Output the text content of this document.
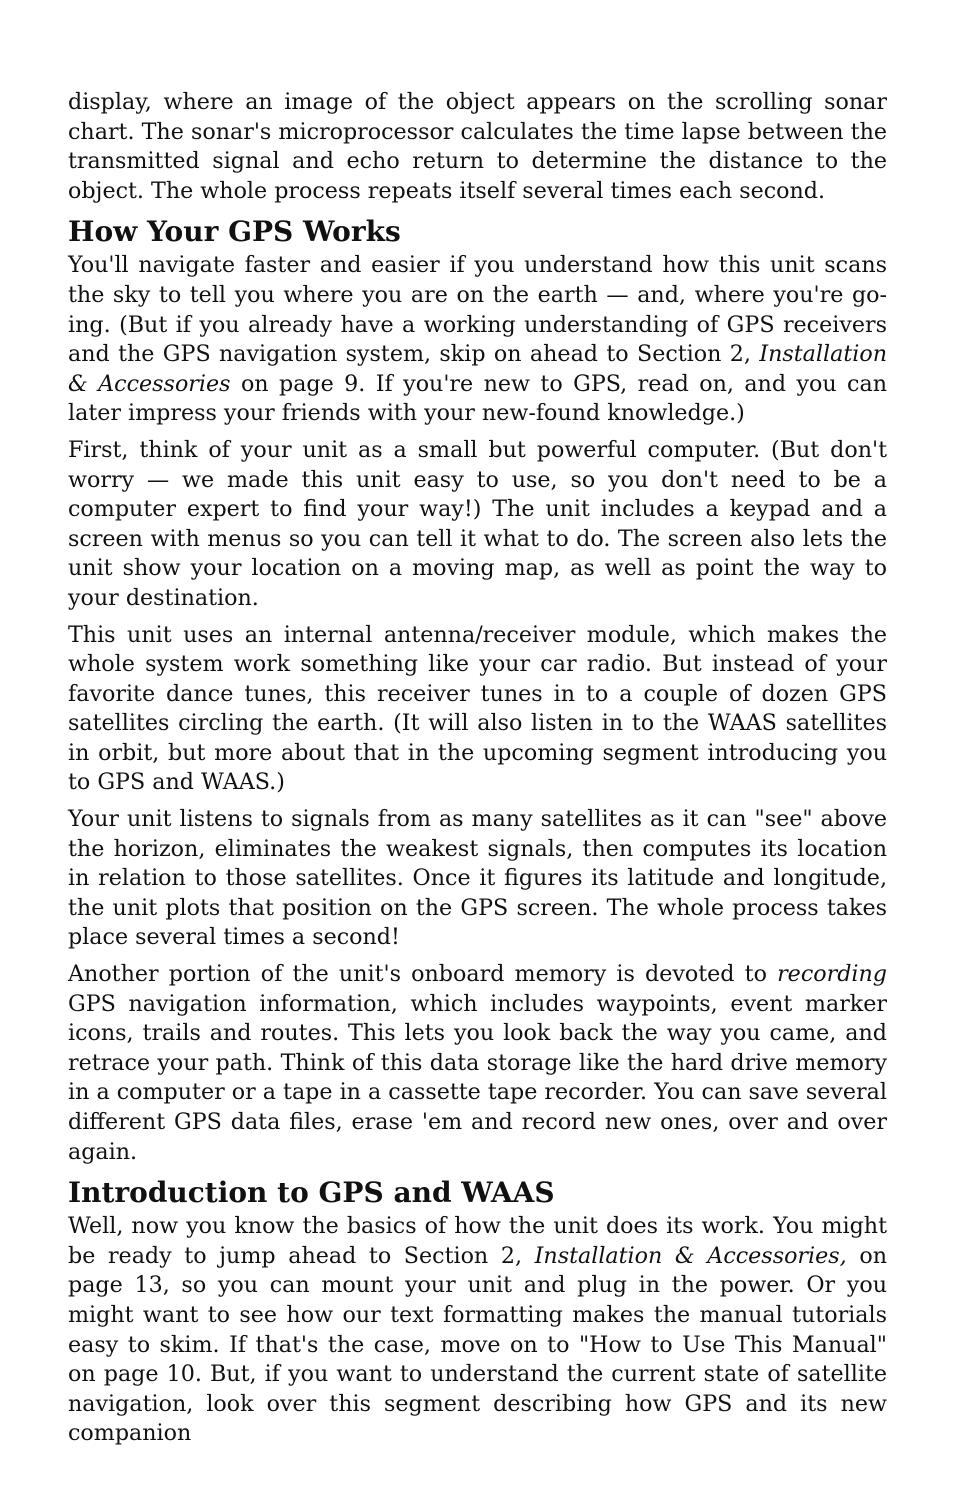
display, where an image of the object appears on the scrolling sonar chart. The sonar's microprocessor calculates the time lapse between the transmitted signal and echo return to determine the distance to the object. The whole process repeats itself several times each second.

How Your GPS Works

You'll navigate faster and easier if you understand how this unit scans the sky to tell you where you are on the earth — and, where you're going. (But if you already have a working understanding of GPS receivers and the GPS navigation system, skip on ahead to Section 2, Installation & Accessories on page 9. If you're new to GPS, read on, and you can later impress your friends with your new-found knowledge.)

First, think of your unit as a small but powerful computer. (But don't worry — we made this unit easy to use, so you don't need to be a computer expert to find your way!) The unit includes a keypad and a screen with menus so you can tell it what to do. The screen also lets the unit show your location on a moving map, as well as point the way to your destination.

This unit uses an internal antenna/receiver module, which makes the whole system work something like your car radio. But instead of your favorite dance tunes, this receiver tunes in to a couple of dozen GPS satellites circling the earth. (It will also listen in to the WAAS satellites in orbit, but more about that in the upcoming segment introducing you to GPS and WAAS.)

Your unit listens to signals from as many satellites as it can "see" above the horizon, eliminates the weakest signals, then computes its location in relation to those satellites. Once it figures its latitude and longitude, the unit plots that position on the GPS screen. The whole process takes place several times a second!

Another portion of the unit's onboard memory is devoted to recording GPS navigation information, which includes waypoints, event marker icons, trails and routes. This lets you look back the way you came, and retrace your path. Think of this data storage like the hard drive memory in a computer or a tape in a cassette tape recorder. You can save several different GPS data files, erase 'em and record new ones, over and over again.

Introduction to GPS and WAAS

Well, now you know the basics of how the unit does its work. You might be ready to jump ahead to Section 2, Installation & Accessories, on page 13, so you can mount your unit and plug in the power. Or you might want to see how our text formatting makes the manual tutorials easy to skim. If that's the case, move on to "How to Use This Manual" on page 10. But, if you want to understand the current state of satellite navigation, look over this segment describing how GPS and its new companion
